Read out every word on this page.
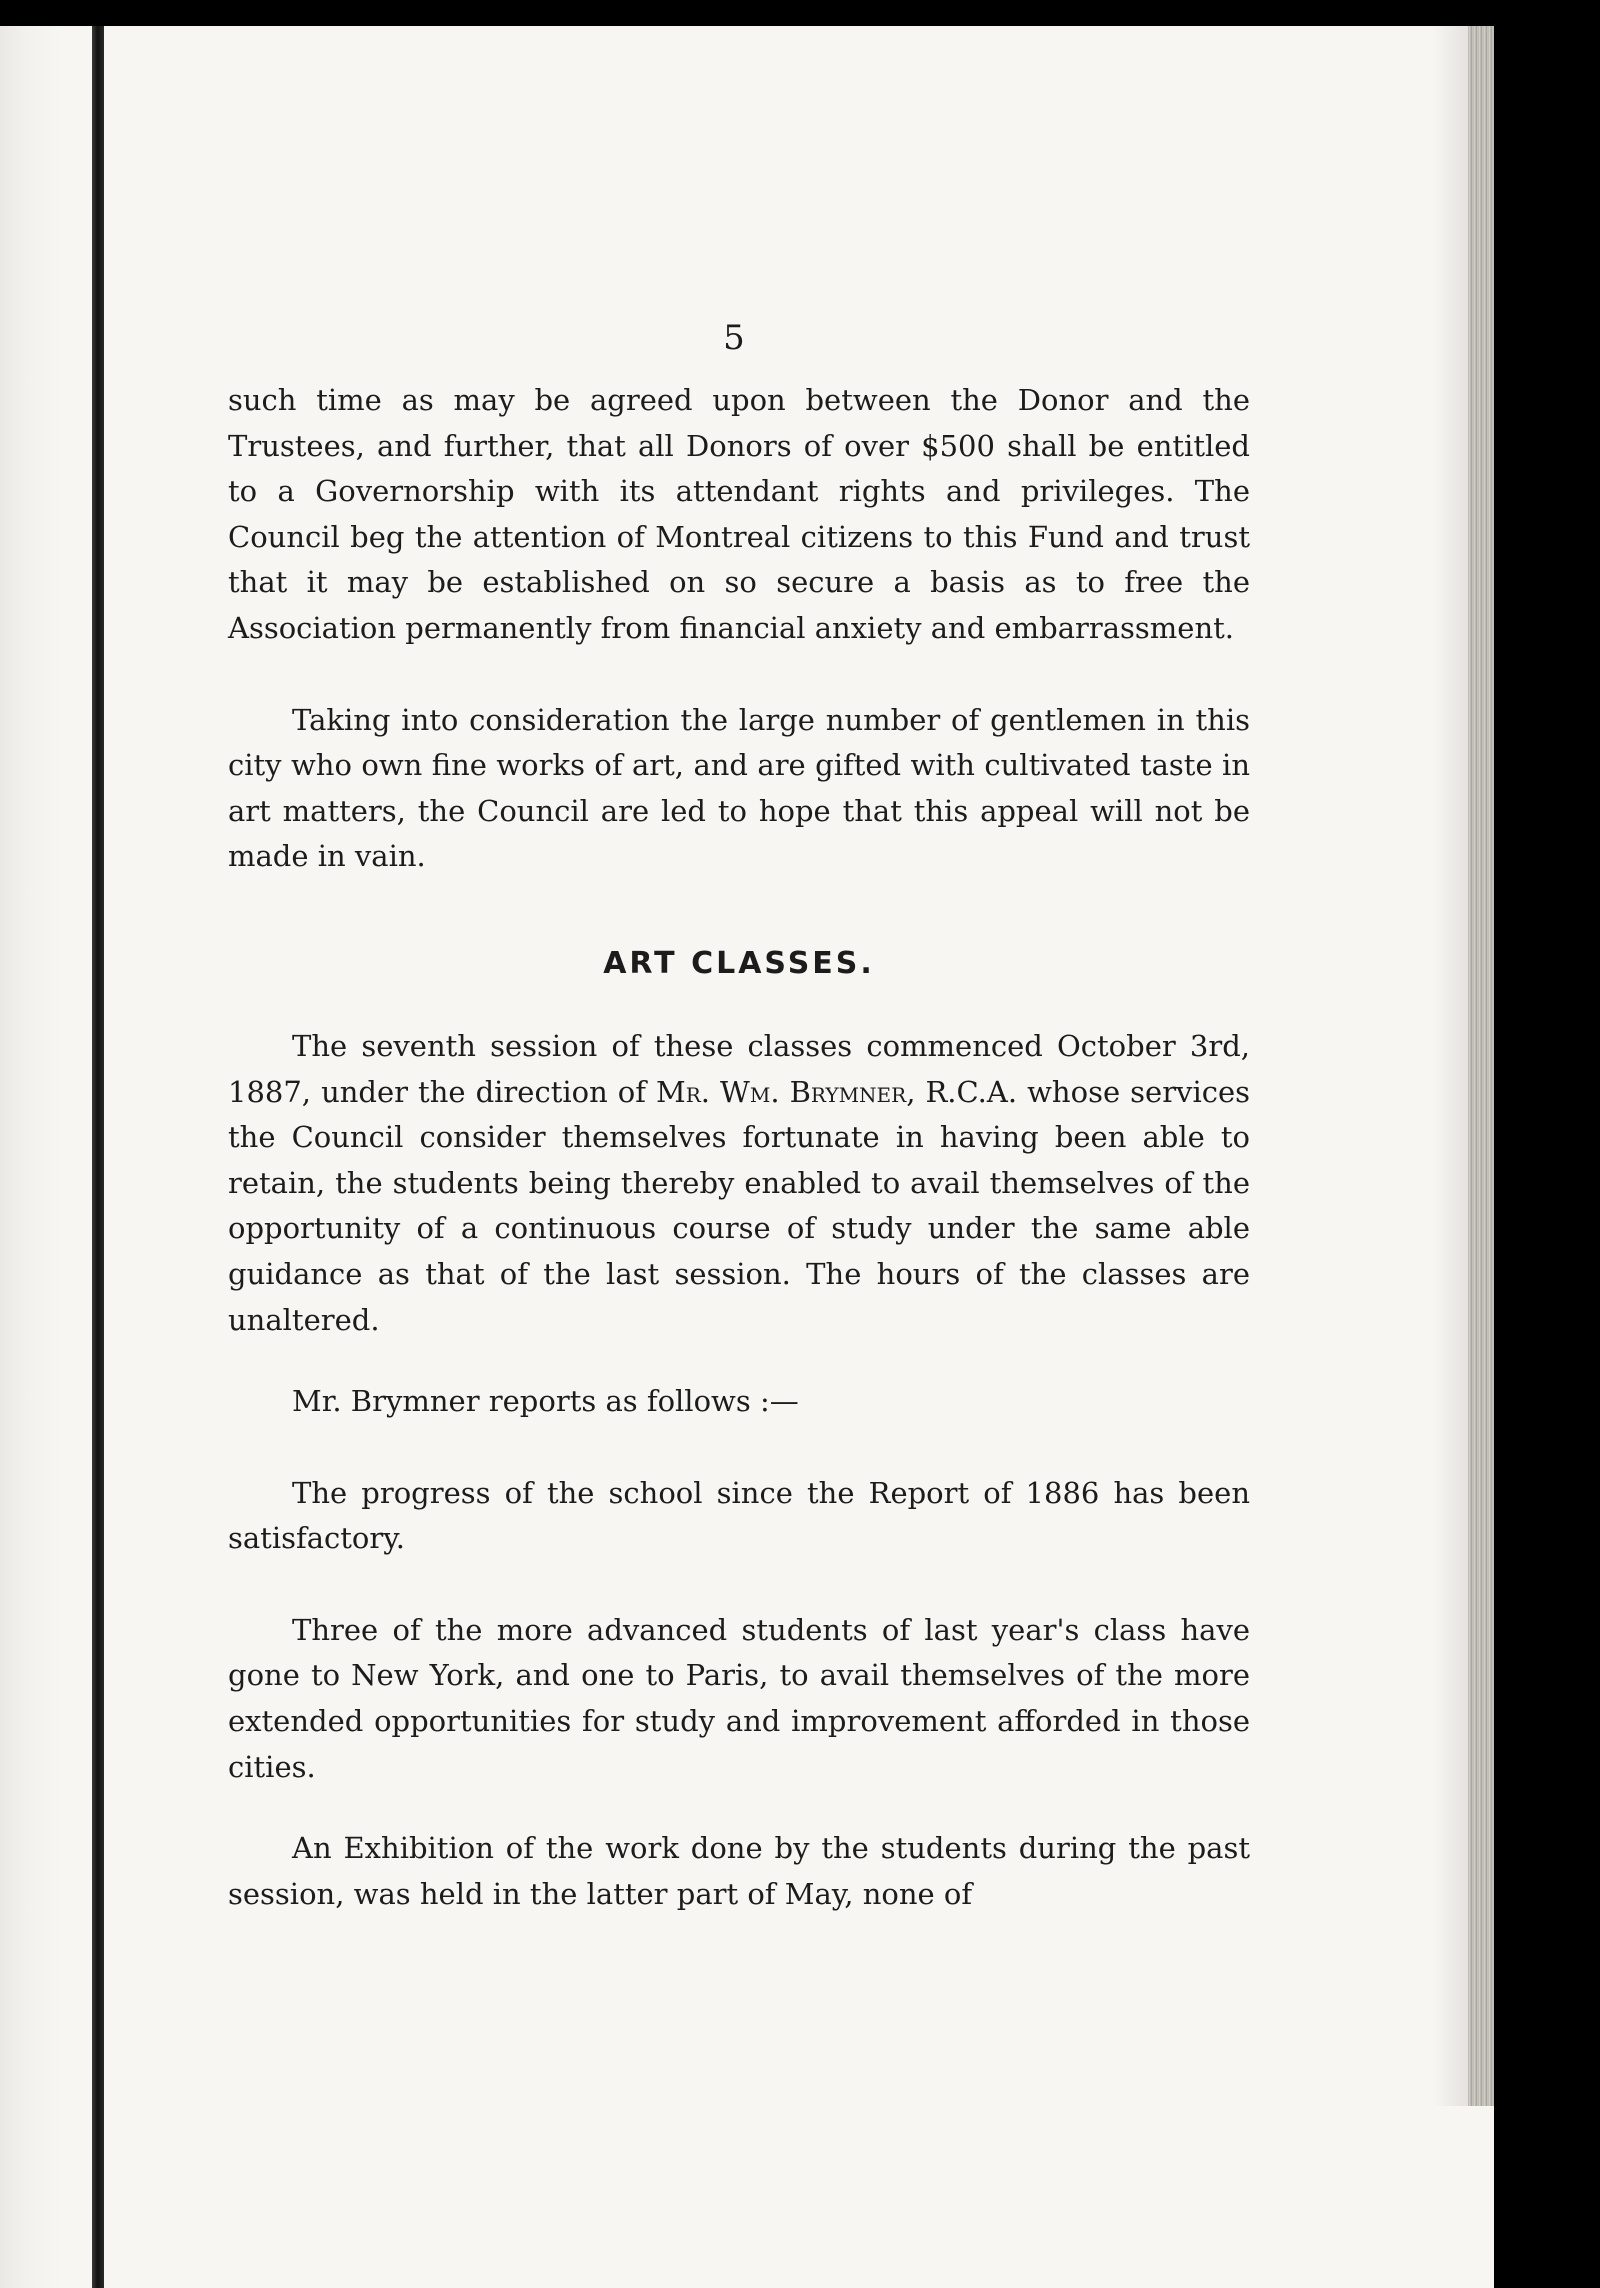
5

such time as may be agreed upon between the Donor and the Trustees, and further, that all Donors of over $500 shall be entitled to a Governorship with its attendant rights and privileges. The Council beg the attention of Montreal citizens to this Fund and trust that it may be established on so secure a basis as to free the Association permanently from financial anxiety and embarrassment.

Taking into consideration the large number of gentlemen in this city who own fine works of art, and are gifted with cultivated taste in art matters, the Council are led to hope that this appeal will not be made in vain.

ART CLASSES.

The seventh session of these classes commenced October 3rd, 1887, under the direction of Mr. Wm. Brymner, R.C.A. whose services the Council consider themselves fortunate in having been able to retain, the students being thereby enabled to avail themselves of the opportunity of a continuous course of study under the same able guidance as that of the last session. The hours of the classes are unaltered.

Mr. Brymner reports as follows :—

The progress of the school since the Report of 1886 has been satisfactory.

Three of the more advanced students of last year's class have gone to New York, and one to Paris, to avail themselves of the more extended opportunities for study and improvement afforded in those cities.

An Exhibition of the work done by the students during the past session, was held in the latter part of May, none of
